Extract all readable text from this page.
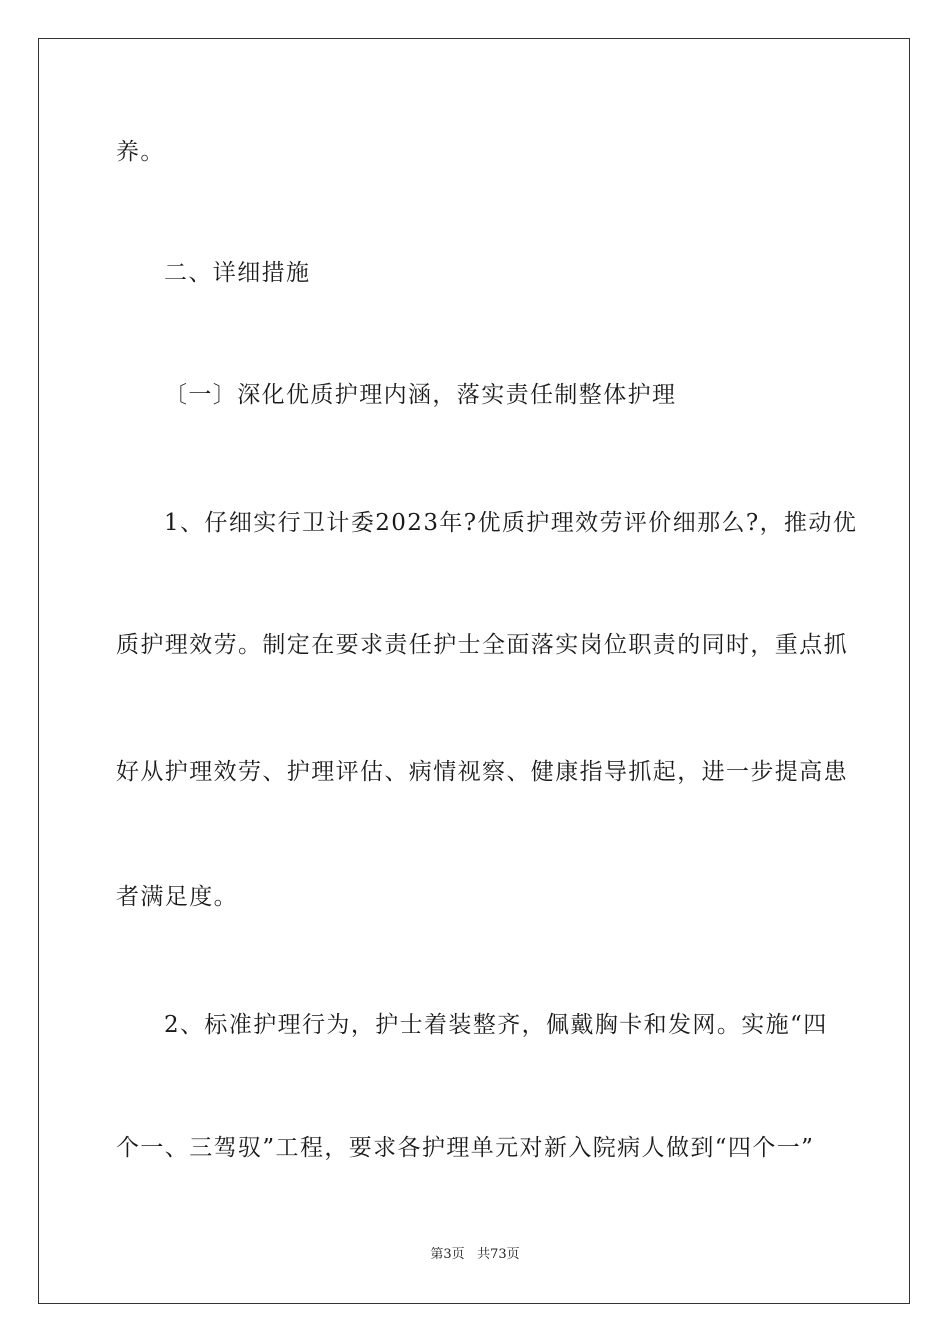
养。
二、详细措施
〔一〕深化优质护理内涵，落实责任制整体护理
1、仔细实行卫计委2023年?优质护理效劳评价细那么?，推动优
质护理效劳。制定在要求责任护士全面落实岗位职责的同时，重点抓
好从护理效劳、护理评估、病情视察、健康指导抓起，进一步提高患
者满足度。
2、标准护理行为，护士着装整齐，佩戴胸卡和发网。实施“四
个一、三驾驭”工程，要求各护理单元对新入院病人做到“四个一”
第3页 共73页
